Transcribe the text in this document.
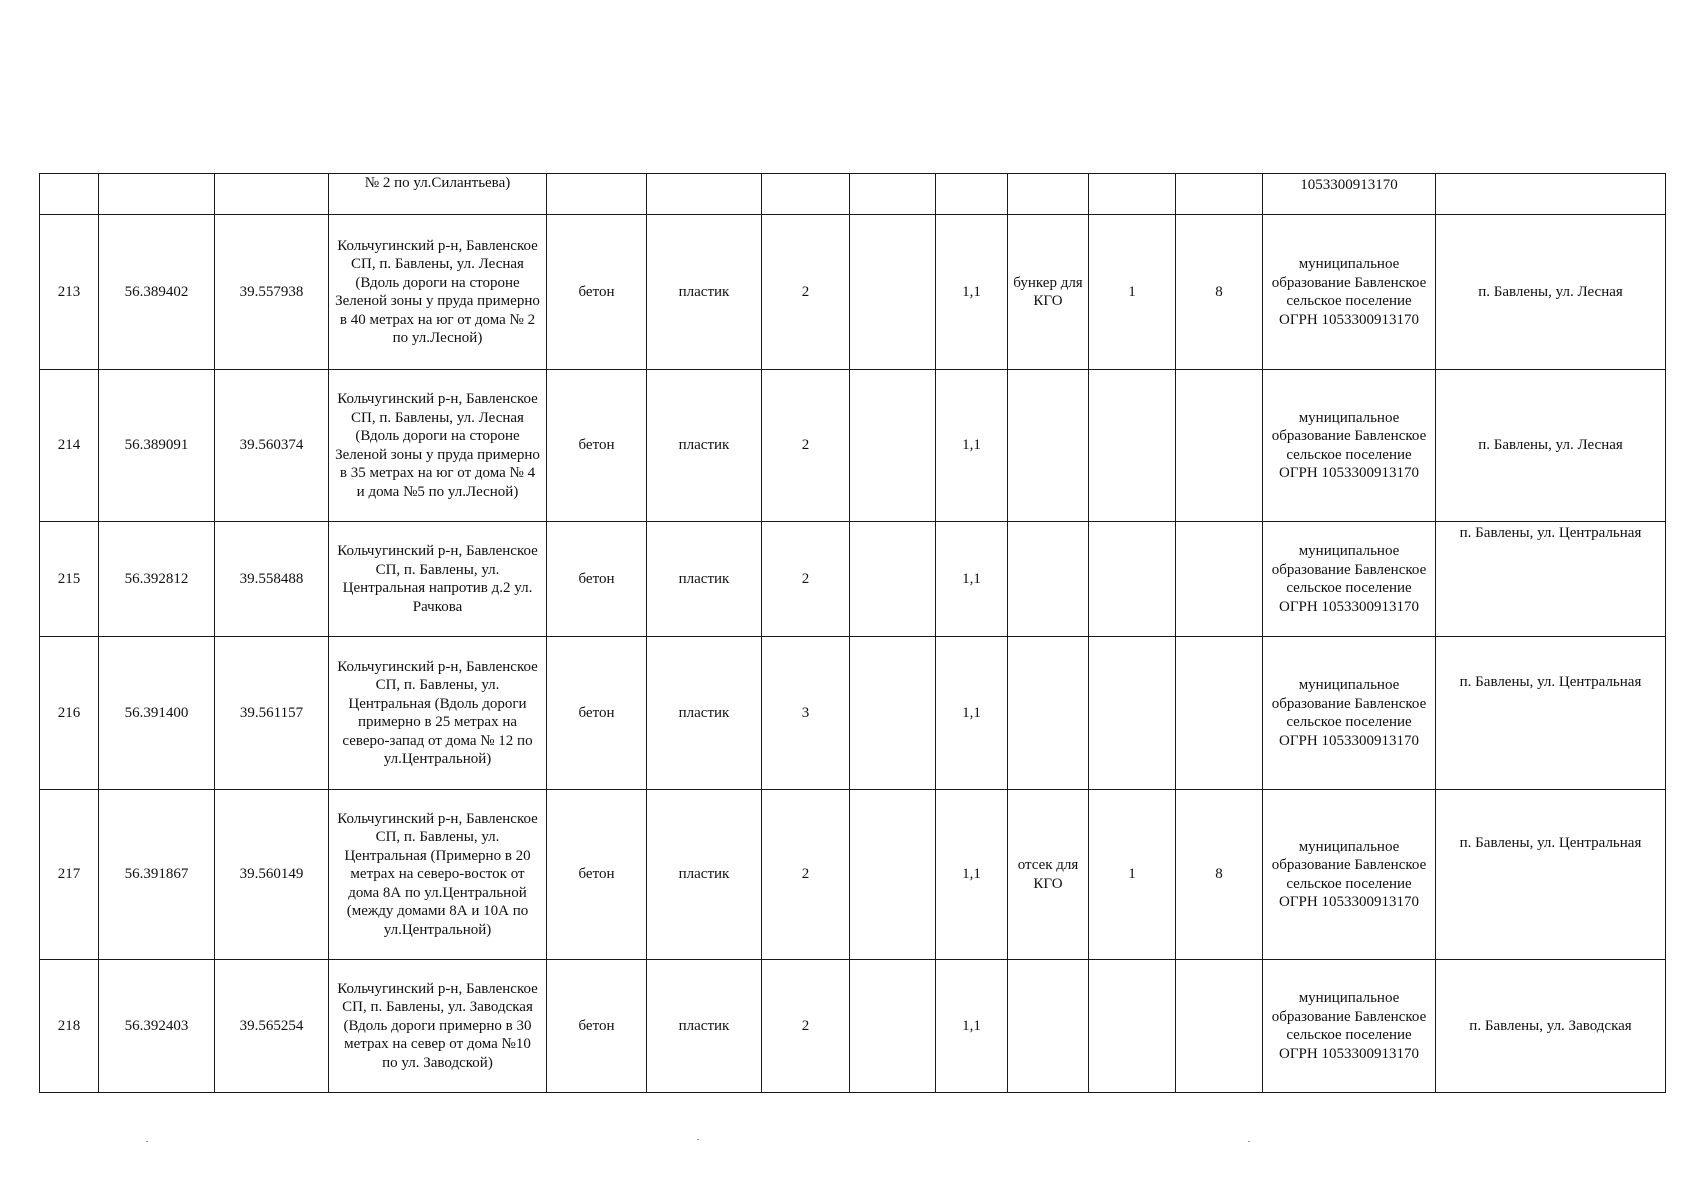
			№ 2 по ул.Силантьева)									1053300913170	
213	56.389402	39.557938	Кольчугинский р-н, Бавленское СП, п. Бавлены, ул. Лесная (Вдоль дороги на стороне Зеленой зоны у пруда примерно в 40 метрах на юг от дома № 2 по ул.Лесной)	бетон	пластик	2		1,1	бункер для КГО	1	8	муниципальное образование Бавленское сельское поселение ОГРН 1053300913170	п. Бавлены, ул. Лесная
214	56.389091	39.560374	Кольчугинский р-н, Бавленское СП, п. Бавлены, ул. Лесная (Вдоль дороги на стороне Зеленой зоны у пруда примерно в 35 метрах на юг от дома № 4 и дома №5 по ул.Лесной)	бетон	пластик	2		1,1				муниципальное образование Бавленское сельское поселение ОГРН 1053300913170	п. Бавлены, ул. Лесная
215	56.392812	39.558488	Кольчугинский р-н, Бавленское СП, п. Бавлены, ул. Центральная напротив д.2 ул. Рачкова	бетон	пластик	2		1,1				муниципальное образование Бавленское сельское поселение ОГРН 1053300913170	п. Бавлены, ул. Центральная
216	56.391400	39.561157	Кольчугинский р-н, Бавленское СП, п. Бавлены, ул. Центральная (Вдоль дороги примерно в 25 метрах на северо-запад от дома № 12 по ул.Центральной)	бетон	пластик	3		1,1				муниципальное образование Бавленское сельское поселение ОГРН 1053300913170	п. Бавлены, ул. Центральная
217	56.391867	39.560149	Кольчугинский р-н, Бавленское СП, п. Бавлены, ул. Центральная (Примерно в 20 метрах на северо-восток от дома 8А по ул.Центральной (между домами 8А и 10А по ул.Центральной)	бетон	пластик	2		1,1	отсек для КГО	1	8	муниципальное образование Бавленское сельское поселение ОГРН 1053300913170	п. Бавлены, ул. Центральная
218	56.392403	39.565254	Кольчугинский р-н, Бавленское СП, п. Бавлены, ул. Заводская (Вдоль дороги примерно в 30 метрах на север от дома №10 по ул. Заводской)	бетон	пластик	2		1,1				муниципальное образование Бавленское сельское поселение ОГРН 1053300913170	п. Бавлены, ул. Заводская
